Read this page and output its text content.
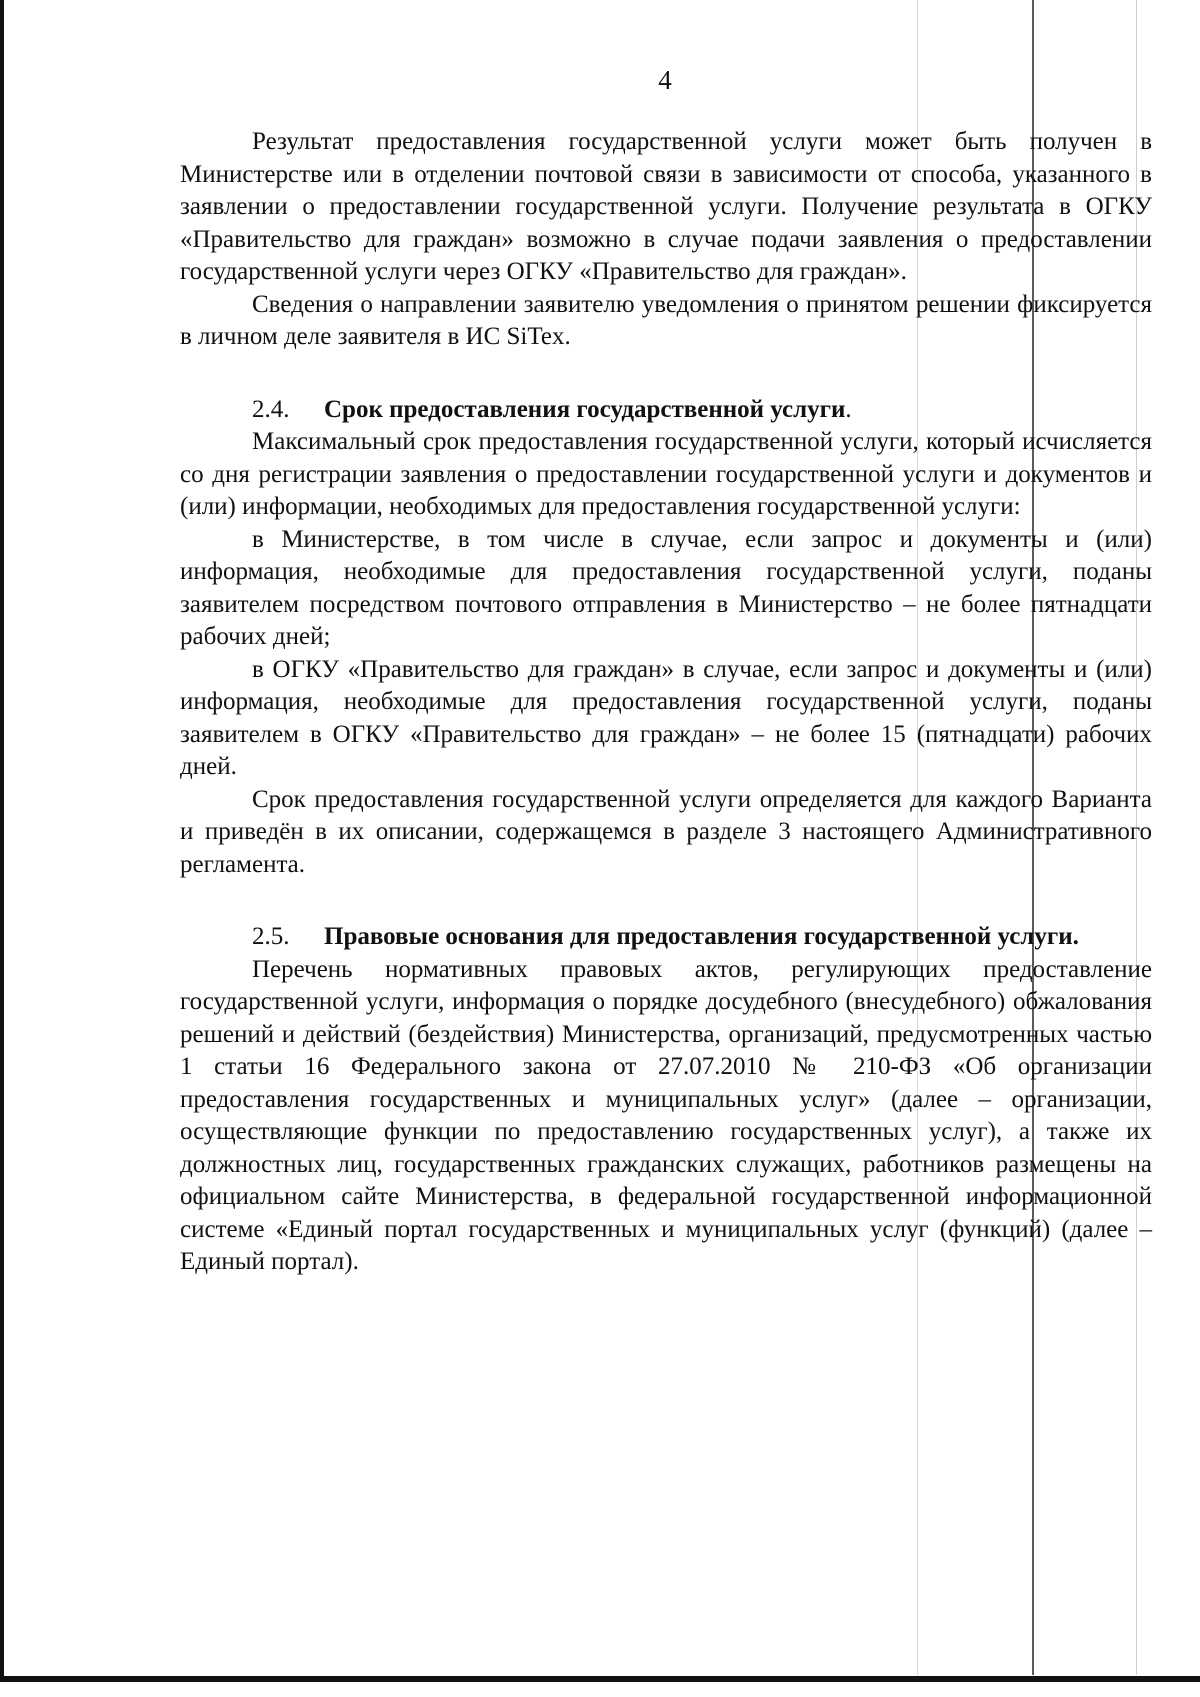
4

Результат предоставления государственной услуги может быть получен в Министерстве или в отделении почтовой связи в зависимости от способа, указанного в заявлении о предоставлении государственной услуги. Получение результата в ОГКУ «Правительство для граждан» возможно в случае подачи заявления о предоставлении государственной услуги через ОГКУ «Правительство для граждан».

Сведения о направлении заявителю уведомления о принятом решении фиксируется в личном деле заявителя в ИС SiTex.

2.4. Срок предоставления государственной услуги.

Максимальный срок предоставления государственной услуги, который исчисляется со дня регистрации заявления о предоставлении государственной услуги и документов и (или) информации, необходимых для предоставления государственной услуги:

в Министерстве, в том числе в случае, если запрос и документы и (или) информация, необходимые для предоставления государственной услуги, поданы заявителем посредством почтового отправления в Министерство – не более пятнадцати рабочих дней;

в ОГКУ «Правительство для граждан» в случае, если запрос и документы и (или) информация, необходимые для предоставления государственной услуги, поданы заявителем в ОГКУ «Правительство для граждан» – не более 15 (пятнадцати) рабочих дней.

Срок предоставления государственной услуги определяется для каждого Варианта и приведён в их описании, содержащемся в разделе 3 настоящего Административного регламента.

2.5. Правовые основания для предоставления государственной услуги.

Перечень нормативных правовых актов, регулирующих предоставление государственной услуги, информация о порядке досудебного (внесудебного) обжалования решений и действий (бездействия) Министерства, организаций, предусмотренных частью 1 статьи 16 Федерального закона от 27.07.2010 № 210-ФЗ «Об организации предоставления государственных и муниципальных услуг» (далее – организации, осуществляющие функции по предоставлению государственных услуг), а также их должностных лиц, государственных гражданских служащих, работников размещены на официальном сайте Министерства, в федеральной государственной информационной системе «Единый портал государственных и муниципальных услуг (функций) (далее – Единый портал).
